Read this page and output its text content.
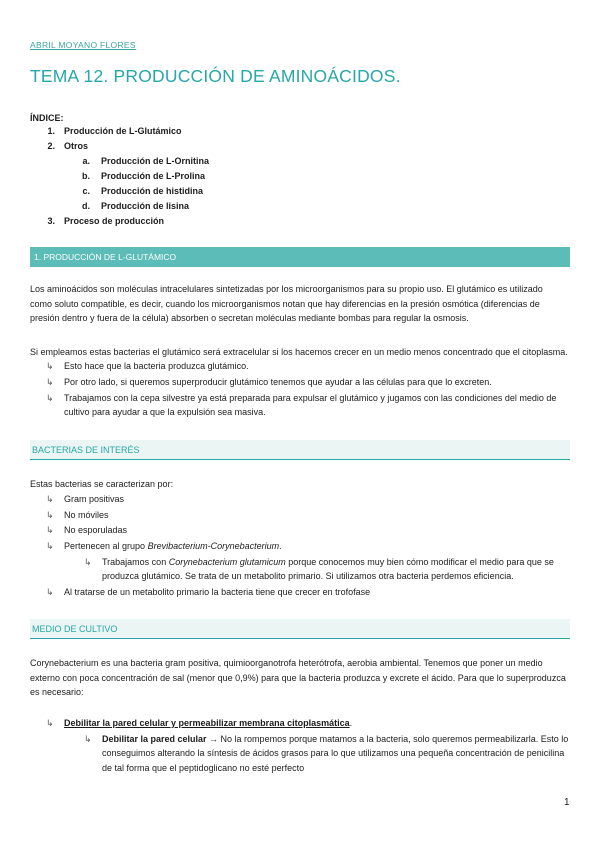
ABRIL MOYANO FLORES
TEMA 12. PRODUCCIÓN DE AMINOÁCIDOS.
ÍNDICE:
1. Producción de L-Glutámico
2. Otros
a. Producción de L-Ornitina
b. Producción de L-Prolina
c. Producción de histidina
d. Producción de lisina
3. Proceso de producción
1. PRODUCCIÓN DE L-GLUTÁMICO
Los aminoácidos son moléculas intracelulares sintetizadas por los microorganismos para su propio uso. El glutámico es utilizado
como soluto compatible, es decir, cuando los microorganismos notan que hay diferencias en la presión osmótica (diferencias de
presión dentro y fuera de la célula) absorben o secretan moléculas mediante bombas para regular la osmosis.
Si empleamos estas bacterias el glutámico será extracelular si los hacemos crecer en un medio menos concentrado que el citoplasma.
↳ Esto hace que la bacteria produzca glutámico.
↳ Por otro lado, si queremos superproducir glutámico tenemos que ayudar a las células para que lo excreten.
↳ Trabajamos con la cepa silvestre ya está preparada para expulsar el glutámico y jugamos con las condiciones del medio de
cultivo para ayudar a que la expulsión sea masiva.
BACTERIAS DE INTERÉS
Estas bacterias se caracterizan por:
↳ Gram positivas
↳ No móviles
↳ No esporuladas
↳ Pertenecen al grupo Brevibacterium-Corynebacterium.
↳ Trabajamos con Corynebacterium glutamicum porque conocemos muy bien cómo modificar el medio para que se
produzca glutámico. Se trata de un metabolito primario. Si utilizamos otra bacteria perdemos eficiencia.
↳ Al tratarse de un metabolito primario la bacteria tiene que crecer en trofofase
MEDIO DE CULTIVO
Corynebacterium es una bacteria gram positiva, quimioorganotrofa heterótrofa, aerobia ambiental. Tenemos que poner un medio
externo con poca concentración de sal (menor que 0,9%) para que la bacteria produzca y excrete el ácido. Para que lo superproduzca
es necesario:
↳ Debilitar la pared celular y permeabilizar membrana citoplasmática.
↳ Debilitar la pared celular → No la rompemos porque matamos a la bacteria, solo queremos permeabilizarla. Esto lo
conseguimos alterando la síntesis de ácidos grasos para lo que utilizamos una pequeña concentración de penicilina
de tal forma que el peptidoglicano no esté perfecto
1
